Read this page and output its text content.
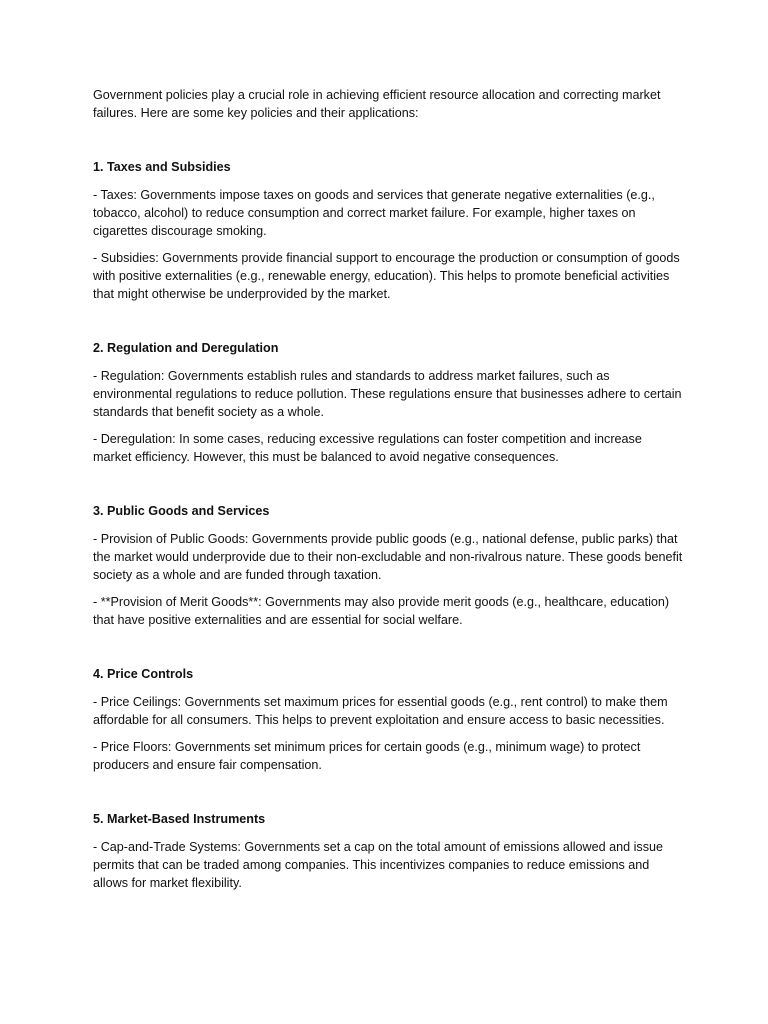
Government policies play a crucial role in achieving efficient resource allocation and correcting market failures. Here are some key policies and their applications:

1. Taxes and Subsidies

- Taxes: Governments impose taxes on goods and services that generate negative externalities (e.g., tobacco, alcohol) to reduce consumption and correct market failure. For example, higher taxes on cigarettes discourage smoking.

- Subsidies: Governments provide financial support to encourage the production or consumption of goods with positive externalities (e.g., renewable energy, education). This helps to promote beneficial activities that might otherwise be underprovided by the market.

2. Regulation and Deregulation

- Regulation: Governments establish rules and standards to address market failures, such as environmental regulations to reduce pollution. These regulations ensure that businesses adhere to certain standards that benefit society as a whole.

- Deregulation: In some cases, reducing excessive regulations can foster competition and increase market efficiency. However, this must be balanced to avoid negative consequences.

3. Public Goods and Services

- Provision of Public Goods: Governments provide public goods (e.g., national defense, public parks) that the market would underprovide due to their non-excludable and non-rivalrous nature. These goods benefit society as a whole and are funded through taxation.

- **Provision of Merit Goods**: Governments may also provide merit goods (e.g., healthcare, education) that have positive externalities and are essential for social welfare.

4. Price Controls

- Price Ceilings: Governments set maximum prices for essential goods (e.g., rent control) to make them affordable for all consumers. This helps to prevent exploitation and ensure access to basic necessities.

- Price Floors: Governments set minimum prices for certain goods (e.g., minimum wage) to protect producers and ensure fair compensation.

5. Market-Based Instruments

- Cap-and-Trade Systems: Governments set a cap on the total amount of emissions allowed and issue permits that can be traded among companies. This incentivizes companies to reduce emissions and allows for market flexibility.
